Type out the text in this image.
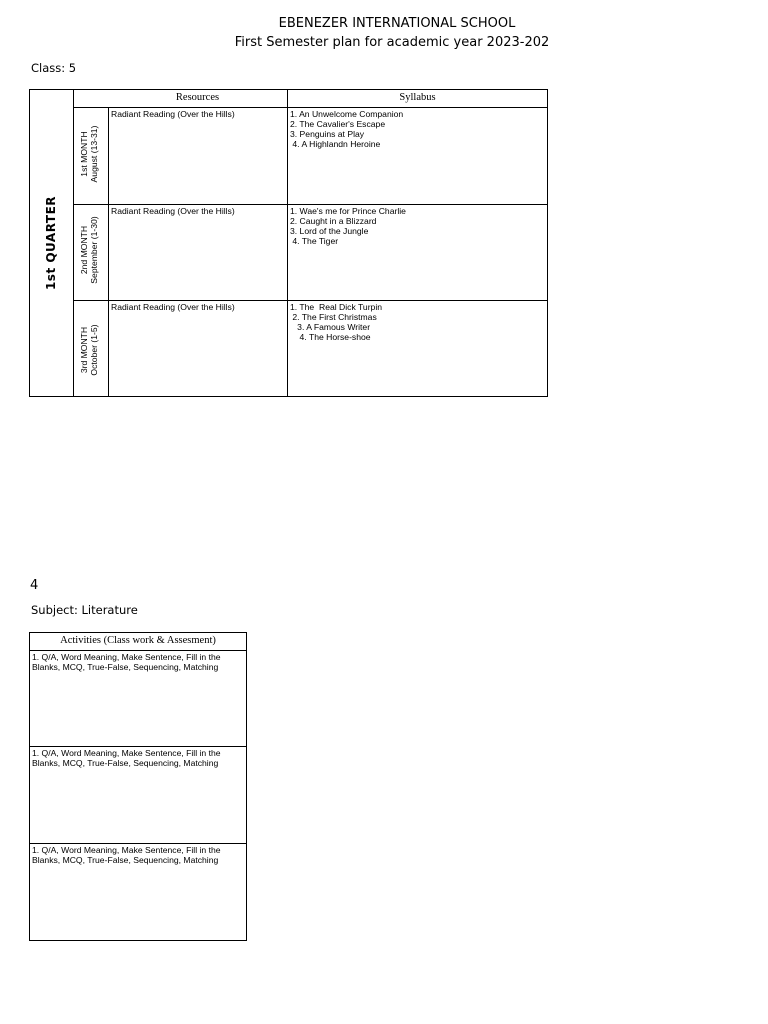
EBENEZER INTERNATIONAL SCHOOL
First Semester plan for academic year 2023-202
Class: 5
1st QUARTER
Resources	Syllabus
1st MONTH August (13-31)
Radiant Reading (Over the Hills)	1. An Unwelcome Companion
2. The Cavalier's Escape
3. Penguins at Play
4. A Highlandn Heroine
2nd MONTH September (1-30)
Radiant Reading (Over the Hills)	1. Wae's me for Prince Charlie
2. Caught in a Blizzard
3. Lord of the Jungle
4. The Tiger
3rd MONTH October (1-5)
Radiant Reading (Over the Hills)	1. The  Real Dick Turpin
2. The First Christmas
3. A Famous Writer
4. The Horse-shoe
4
Subject: Literature
Activities (Class work & Assesment)
1. Q/A, Word Meaning, Make Sentence, Fill in the Blanks, MCQ, True-False, Sequencing, Matching
1. Q/A, Word Meaning, Make Sentence, Fill in the Blanks, MCQ, True-False, Sequencing, Matching
1. Q/A, Word Meaning, Make Sentence, Fill in the Blanks, MCQ, True-False, Sequencing, Matching
